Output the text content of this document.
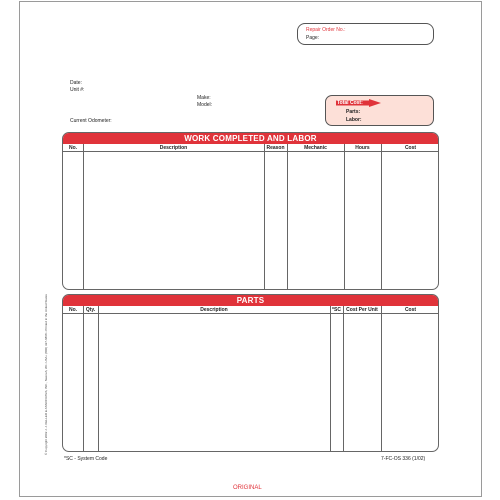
Repair Order No.:
Page:
Date:
Unit #:
Make:
Model:
Current Odometer:
Total Cost:
Parts:
Labor:
WORK COMPLETED AND LABOR
No.	Description	Reason	Mechanic	Hours	Cost
PARTS
No.	Qty.	Description	*SC	Cost Per Unit	Cost
*SC - System Code	7-FC-OS 336 (1/02)
ORIGINAL
© Copyright 2002 J. J. KELLER & ASSOCIATES, INC., Neenah, WI • USA • (800) 327-6868 • Printed in the United States
